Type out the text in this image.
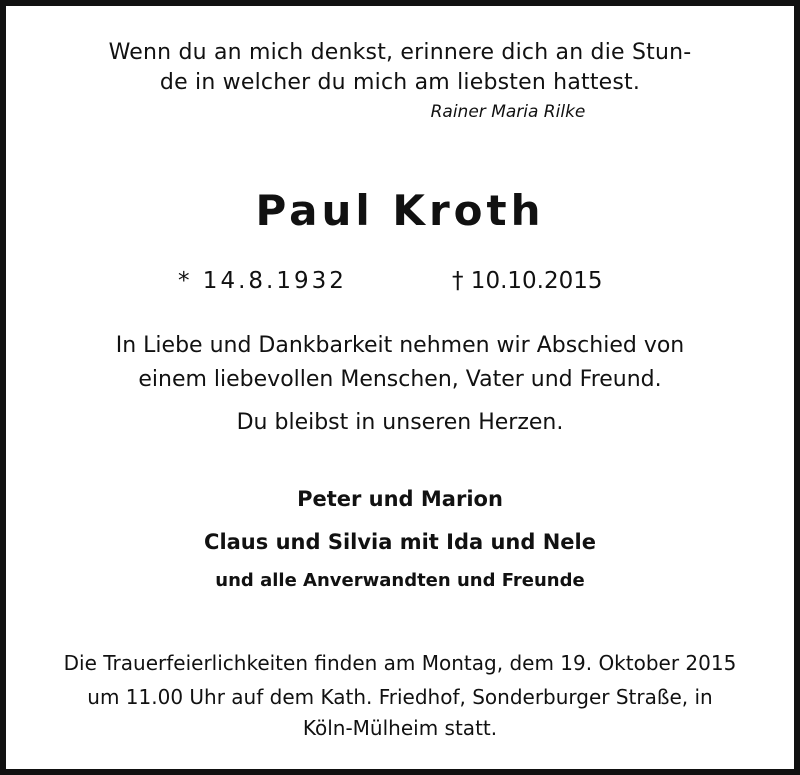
Wenn du an mich denkst, erinnere dich an die Stun-
de in welcher du mich am liebsten hattest.
Rainer Maria Rilke
Paul Kroth
* 14.8.1932	† 10.10.2015
In Liebe und Dankbarkeit nehmen wir Abschied von
einem liebevollen Menschen, Vater und Freund.
Du bleibst in unseren Herzen.
Peter und Marion
Claus und Silvia mit Ida und Nele
und alle Anverwandten und Freunde
Die Trauerfeierlichkeiten finden am Montag, dem 19. Oktober 2015
um 11.00 Uhr auf dem Kath. Friedhof, Sonderburger Straße, in
Köln-Mülheim statt.
